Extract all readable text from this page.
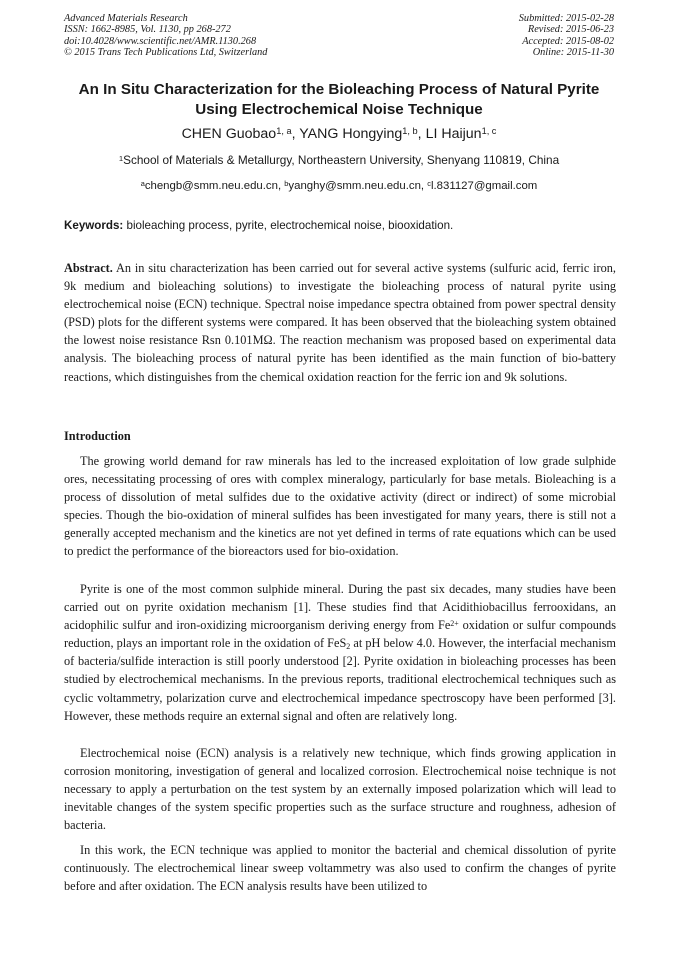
Advanced Materials Research
ISSN: 1662-8985, Vol. 1130, pp 268-272
doi:10.4028/www.scientific.net/AMR.1130.268
© 2015 Trans Tech Publications Ltd, Switzerland
Submitted: 2015-02-28
Revised: 2015-06-23
Accepted: 2015-08-02
Online: 2015-11-30
An In Situ Characterization for the Bioleaching Process of Natural Pyrite
Using Electrochemical Noise Technique
CHEN Guobao$^{1, a}$, YANG Hongying$^{1, b}$, LI Haijun$^{1, c}$
$^1$School of Materials & Metallurgy, Northeastern University, Shenyang 110819, China
$^a$chengb@smm.neu.edu.cn, $^b$yanghy@smm.neu.edu.cn, $^c$l.831127@gmail.com
Keywords: bioleaching process, pyrite, electrochemical noise, biooxidation.
Abstract. An in situ characterization has been carried out for several active systems (sulfuric acid, ferric iron, 9k medium and bioleaching solutions) to investigate the bioleaching process of natural pyrite using electrochemical noise (ECN) technique. Spectral noise impedance spectra obtained from power spectral density (PSD) plots for the different systems were compared. It has been observed that the bioleaching system obtained the lowest noise resistance Rsn 0.101MΩ. The reaction mechanism was proposed based on experimental data analysis. The bioleaching process of natural pyrite has been identified as the main function of bio-battery reactions, which distinguishes from the chemical oxidation reaction for the ferric ion and 9k solutions.
Introduction

The growing world demand for raw minerals has led to the increased exploitation of low grade sulphide ores, necessitating processing of ores with complex mineralogy, particularly for base metals. Bioleaching is a process of dissolution of metal sulfides due to the oxidative activity (direct or indirect) of some microbial species. Though the bio-oxidation of mineral sulfides has been investigated for many years, there is still not a generally accepted mechanism and the kinetics are not yet defined in terms of rate equations which can be used to predict the performance of the bioreactors used for bio-oxidation.

Pyrite is one of the most common sulphide mineral. During the past six decades, many studies have been carried out on pyrite oxidation mechanism [1]. These studies find that Acidithiobacillus ferrooxidans, an acidophilic sulfur and iron-oxidizing microorganism deriving energy from $Fe^{2+}$ oxidation or sulfur compounds reduction, plays an important role in the oxidation of FeS$_2$ at pH below 4.0. However, the interfacial mechanism of bacteria/sulfide interaction is still poorly understood [2]. Pyrite oxidation in bioleaching processes has been studied by electrochemical mechanisms. In the previous reports, traditional electrochemical techniques such as cyclic voltammetry, polarization curve and electrochemical impedance spectroscopy have been performed [3]. However, these methods require an external signal and often are relatively long.

Electrochemical noise (ECN) analysis is a relatively new technique, which finds growing application in corrosion monitoring, investigation of general and localized corrosion. Electrochemical noise technique is not necessary to apply a perturbation on the test system by an externally imposed polarization which will lead to inevitable changes of the system specific properties such as the surface structure and roughness, adhesion of bacteria.

In this work, the ECN technique was applied to monitor the bacterial and chemical dissolution of pyrite continuously. The electrochemical linear sweep voltammetry was also used to confirm the changes of pyrite before and after oxidation. The ECN analysis results have been utilized to
